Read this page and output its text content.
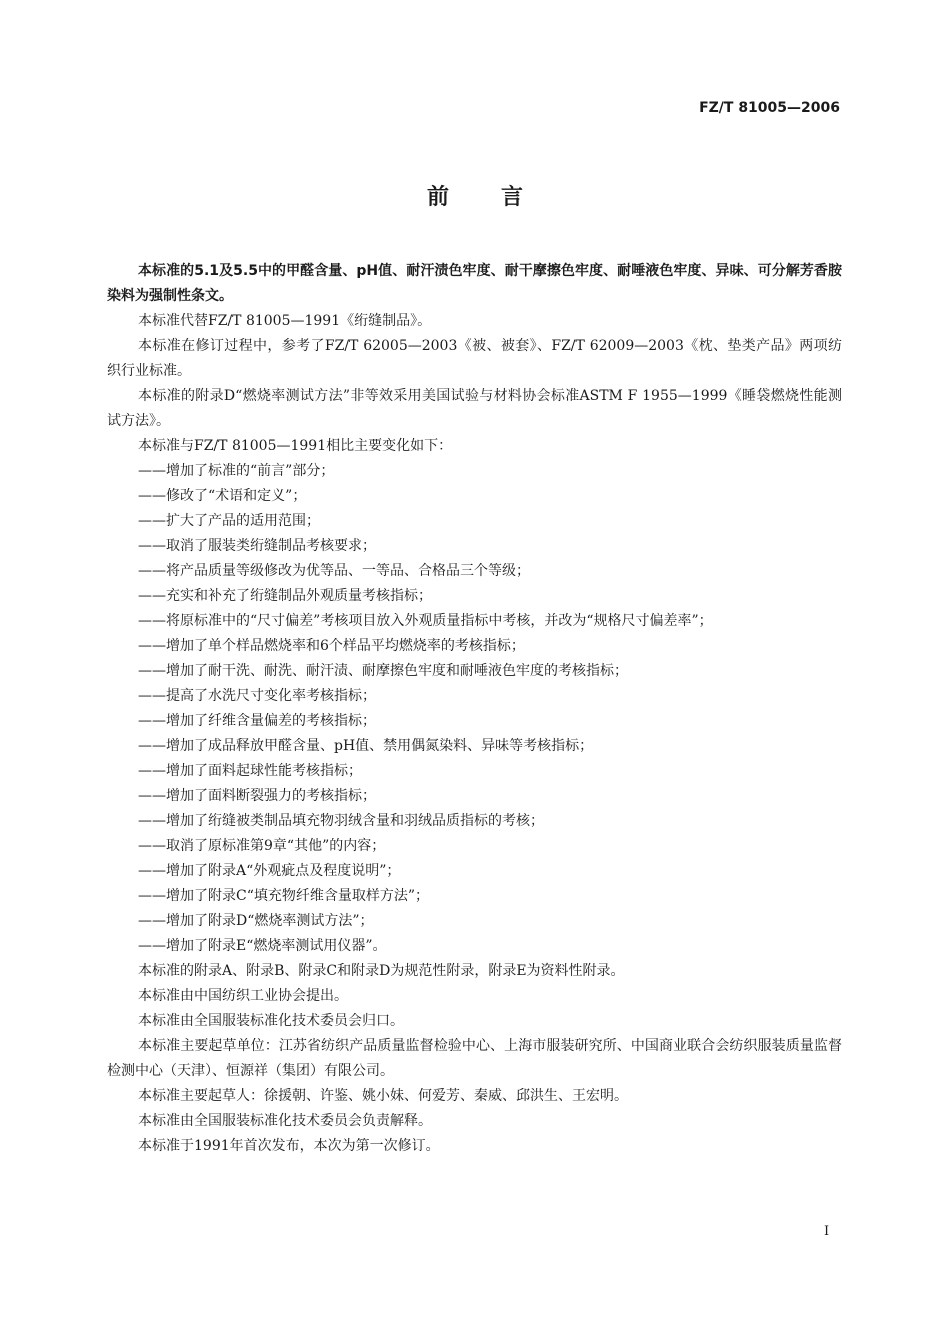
FZ/T 81005—2006
前言

本标准的5.1及5.5中的甲醛含量、pH值、耐汗渍色牢度、耐干摩擦色牢度、耐唾液色牢度、异味、可分解芳香胺染料为强制性条文。

本标准代替FZ/T 81005—1991《绗缝制品》。

本标准在修订过程中，参考了FZ/T 62005—2003《被、被套》、FZ/T 62009—2003《枕、垫类产品》两项纺织行业标准。

本标准的附录D“燃烧率测试方法”非等效采用美国试验与材料协会标准ASTM F 1955—1999《睡袋燃烧性能测试方法》。

本标准与FZ/T 81005—1991相比主要变化如下：

——增加了标准的“前言”部分；

——修改了“术语和定义”；

——扩大了产品的适用范围；

——取消了服装类绗缝制品考核要求；

——将产品质量等级修改为优等品、一等品、合格品三个等级；

——充实和补充了绗缝制品外观质量考核指标；

——将原标准中的“尺寸偏差”考核项目放入外观质量指标中考核，并改为“规格尺寸偏差率”；

——增加了单个样品燃烧率和6个样品平均燃烧率的考核指标；

——增加了耐干洗、耐洗、耐汗渍、耐摩擦色牢度和耐唾液色牢度的考核指标；

——提高了水洗尺寸变化率考核指标；

——增加了纤维含量偏差的考核指标；

——增加了成品释放甲醛含量、pH值、禁用偶氮染料、异味等考核指标；

——增加了面料起球性能考核指标；

——增加了面料断裂强力的考核指标；

——增加了绗缝被类制品填充物羽绒含量和羽绒品质指标的考核；

——取消了原标准第9章“其他”的内容；

——增加了附录A“外观疵点及程度说明”；

——增加了附录C“填充物纤维含量取样方法”；

——增加了附录D“燃烧率测试方法”；

——增加了附录E“燃烧率测试用仪器”。

本标准的附录A、附录B、附录C和附录D为规范性附录，附录E为资料性附录。

本标准由中国纺织工业协会提出。

本标准由全国服装标准化技术委员会归口。

本标准主要起草单位：江苏省纺织产品质量监督检验中心、上海市服装研究所、中国商业联合会纺织服装质量监督检测中心（天津）、恒源祥（集团）有限公司。

本标准主要起草人：徐援朝、许鉴、姚小妹、何爱芳、秦威、邱洪生、王宏明。

本标准由全国服装标准化技术委员会负责解释。

本标准于1991年首次发布，本次为第一次修订。

I
